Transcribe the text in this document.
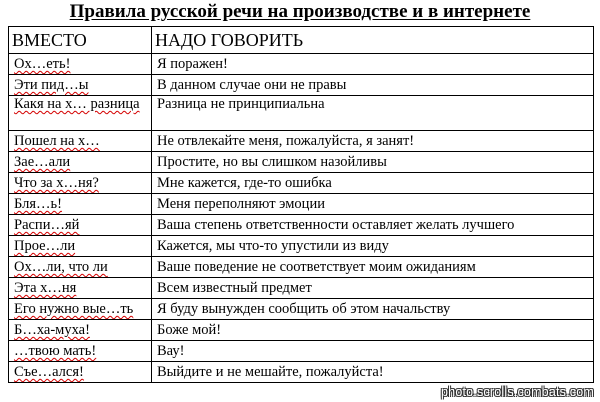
Правила русской речи на производстве и в интернете
ВМЕСТО	НАДО ГОВОРИТЬ
Ох…еть!	Я поражен!
Эти пид…ы	В данном случае они не правы
Какя на х… разница	Разница не принципиальна
Пошел на х…	Не отвлекайте меня, пожалуйста, я занят!
Зае…али	Простите, но вы слишком назойливы
Что за х…ня?	Мне кажется, где-то ошибка
Бля…ь!	Меня переполняют эмоции
Распи…яй	Ваша степень ответственности оставляет желать лучшего
Прое…ли	Кажется, мы что-то упустили из виду
Ох…ли, что ли	Ваше поведение не соответствует моим ожиданиям
Эта х…ня	Всем известный предмет
Его нужно вые…ть	Я буду вынужден сообщить об этом начальству
Б…ха-муха!	Боже мой!
…твою мать!	Вау!
Съе…ался!	Выйдите и не мешайте, пожалуйста!
photo.scrolls.combats.com
